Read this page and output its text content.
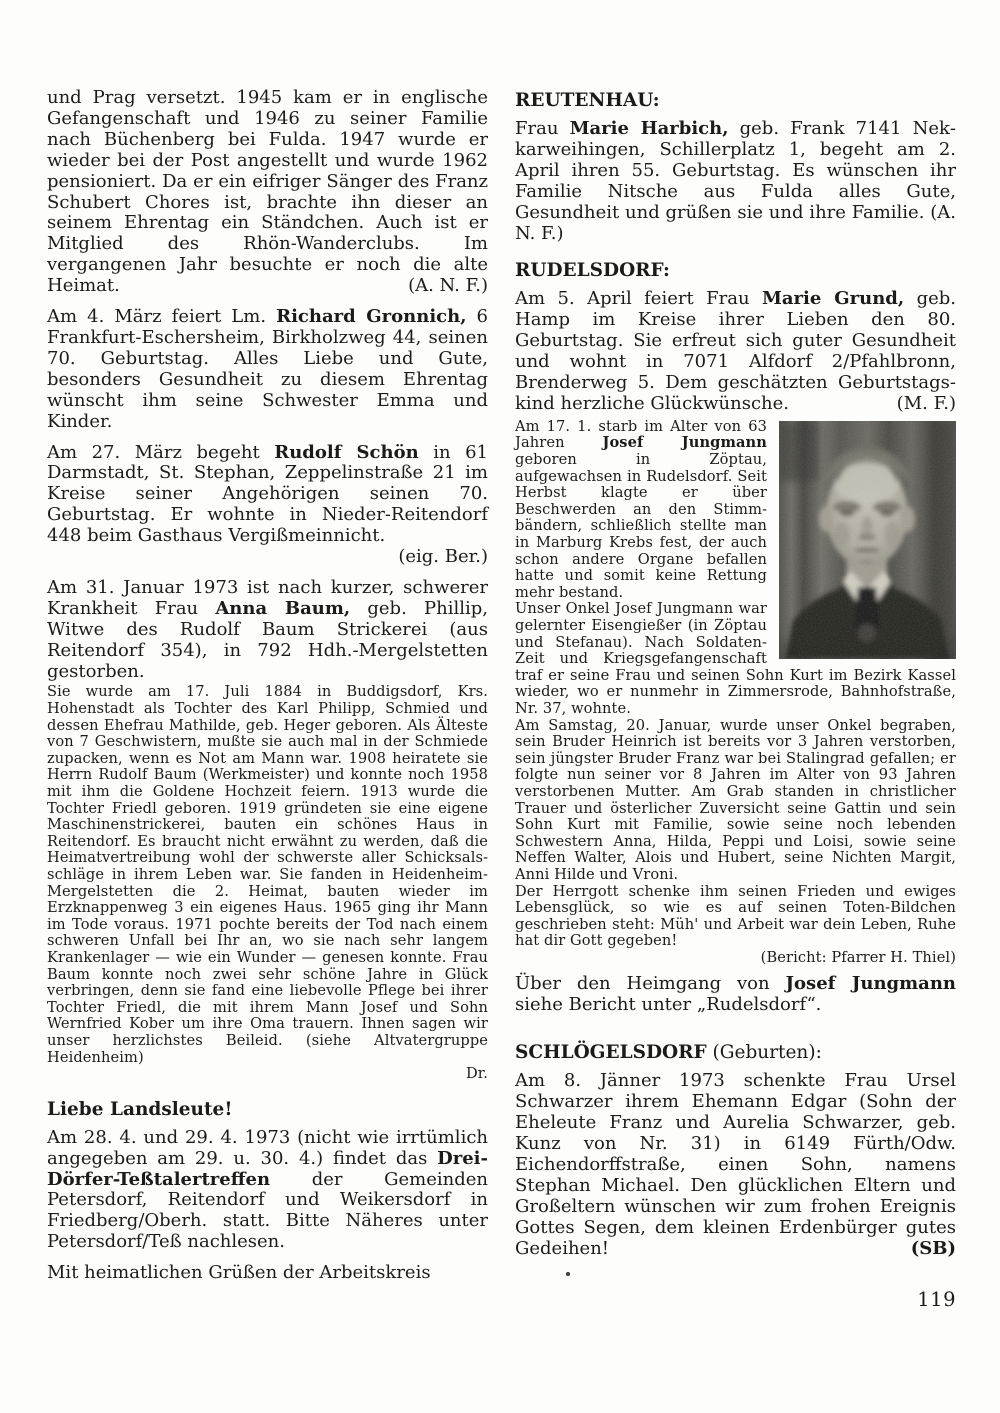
und Prag versetzt. 1945 kam er in englische Gefangenschaft und 1946 zu seiner Familie nach Büchenberg bei Fulda. 1947 wurde er wieder bei der Post angestellt und wurde 1962 pensioniert. Da er ein eifriger Sänger des Franz Schubert Chores ist, brachte ihn dieser an seinem Ehrentag ein Ständchen. Auch ist er Mitglied des Rhön-Wanderclubs. Im vergangenen Jahr besuchte er noch die alte Heimat.	(A. N. F.)

Am 4. März feiert Lm. Richard Gronnich, 6 Frankfurt-Eschersheim, Birkholzweg 44, seinen 70. Geburtstag. Alles Liebe und Gute, besonders Gesundheit zu diesem Ehrentag wünscht ihm seine Schwester Emma und Kinder.

Am 27. März begeht Rudolf Schön in 61 Darmstadt, St. Stephan, Zeppelinstraße 21 im Kreise seiner Angehörigen seinen 70. Geburtstag. Er wohnte in Nieder-Reitendorf 448 beim Gasthaus Vergißmeinnicht.
(eig. Ber.)

Am 31. Januar 1973 ist nach kurzer, schwerer Krankheit Frau Anna Baum, geb. Phillip, Witwe des Rudolf Baum Strickerei (aus Reitendorf 354), in 792 Hdh.-Mergelstetten gestorben.

Sie wurde am 17. Juli 1884 in Buddigsdorf, Krs. Hohenstadt als Tochter des Karl Philipp, Schmied und dessen Ehefrau Mathilde, geb. Heger geboren. Als Älteste von 7 Geschwistern, mußte sie auch mal in der Schmiede zupacken, wenn es Not am Mann war. 1908 heiratete sie Herrn Rudolf Baum (Werkmeister) und konnte noch 1958 mit ihm die Goldene Hochzeit feiern. 1913 wurde die Tochter Friedl geboren. 1919 gründeten sie eine eigene Maschinenstrickerei, bauten ein schönes Haus in Reitendorf. Es braucht nicht erwähnt zu werden, daß die Heimatvertreibung wohl der schwerste aller Schicksalsschläge in ihrem Leben war. Sie fanden in Heidenheim-Mergelstetten die 2. Heimat, bauten wieder im Erzknappenweg 3 ein eigenes Haus. 1965 ging ihr Mann im Tode voraus. 1971 pochte bereits der Tod nach einem schweren Unfall bei Ihr an, wo sie nach sehr langem Krankenlager — wie ein Wunder — genesen konnte. Frau Baum konnte noch zwei sehr schöne Jahre in Glück verbringen, denn sie fand eine liebevolle Pflege bei ihrer Tochter Friedl, die mit ihrem Mann Josef und Sohn Wernfried Kober um ihre Oma trauern. Ihnen sagen wir unser herzlichstes Beileid. (siehe Altvatergruppe Heidenheim)
Dr.

Liebe Landsleute!

Am 28. 4. und 29. 4. 1973 (nicht wie irrtümlich angegeben am 29. u. 30. 4.) findet das Drei-Dörfer-Teßtalertreffen der Gemeinden Petersdorf, Reitendorf und Weikersdorf in Friedberg/Oberh. statt. Bitte Näheres unter Petersdorf/Teß nachlesen.

Mit heimatlichen Grüßen der Arbeitskreis

REUTENHAU:

Frau Marie Harbich, geb. Frank 7141 Nekkarweihingen, Schillerplatz 1, begeht am 2. April ihren 55. Geburtstag. Es wünschen ihr Familie Nitsche aus Fulda alles Gute, Gesundheit und grüßen sie und ihre Familie. (A. N. F.)

RUDELSDORF:

Am 5. April feiert Frau Marie Grund, geb. Hamp im Kreise ihrer Lieben den 80. Geburtstag. Sie erfreut sich guter Gesundheit und wohnt in 7071 Alfdorf 2/Pfahlbronn, Brenderweg 5. Dem geschätzten Geburtstagskind herzliche Glückwünsche.	(M. F.)

Am 17. 1. starb im Alter von 63 Jahren Josef Jungmann geboren in Zöptau, aufgewachsen in Rudelsdorf. Seit Herbst klagte er über Beschwerden an den Stimmbändern, schließlich stellte man in Marburg Krebs fest, der auch schon andere Organe befallen hatte und somit keine Rettung mehr bestand.

Unser Onkel Josef Jungmann war gelernter Eisengießer (in Zöptau und Stefanau). Nach Soldaten-Zeit und Kriegsgefangenschaft traf er seine Frau und seinen Sohn Kurt im Bezirk Kassel wieder, wo er nunmehr in Zimmersrode, Bahnhofstraße, Nr. 37, wohnte.

Am Samstag, 20. Januar, wurde unser Onkel begraben, sein Bruder Heinrich ist bereits vor 3 Jahren verstorben, sein jüngster Bruder Franz war bei Stalingrad gefallen; er folgte nun seiner vor 8 Jahren im Alter von 93 Jahren verstorbenen Mutter. Am Grab standen in christlicher Trauer und österlicher Zuversicht seine Gattin und sein Sohn Kurt mit Familie, sowie seine noch lebenden Schwestern Anna, Hilda, Peppi und Loisi, sowie seine Neffen Walter, Alois und Hubert, seine Nichten Margit, Anni Hilde und Vroni.

Der Herrgott schenke ihm seinen Frieden und ewiges Lebensglück, so wie es auf seinen Toten-Bildchen geschrieben steht: Müh' und Arbeit war dein Leben, Ruhe hat dir Gott gegeben!
(Bericht: Pfarrer H. Thiel)

Über den Heimgang von Josef Jungmann siehe Bericht unter „Rudelsdorf“.

SCHLÖGELSDORF (Geburten):

Am 8. Jänner 1973 schenkte Frau Ursel Schwarzer ihrem Ehemann Edgar (Sohn der Eheleute Franz und Aurelia Schwarzer, geb. Kunz von Nr. 31) in 6149 Fürth/Odw. Eichendorffstraße, einen Sohn, namens Stephan Michael. Den glücklichen Eltern und Großeltern wünschen wir zum frohen Ereignis Gottes Segen, dem kleinen Erdenbürger gutes Gedeihen!	(SB)

119
